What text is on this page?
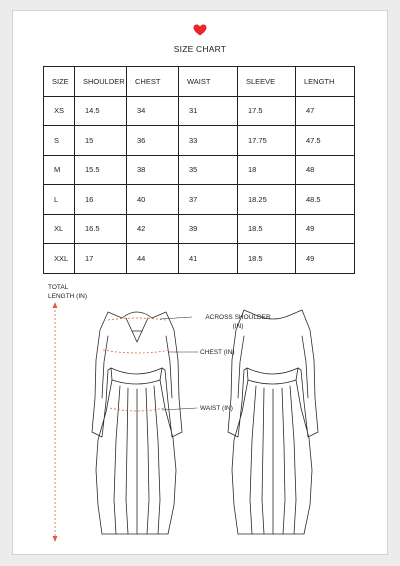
SIZE CHART
SIZE	SHOULDER	CHEST	WAIST	SLEEVE	LENGTH
XS	14.5	34	31	17.5	47
S	15	36	33	17.75	47.5
M	15.5	38	35	18	48
L	16	40	37	18.25	48.5
XL	16.5	42	39	18.5	49
XXL	17	44	41	18.5	49
TOTAL
LENGTH (IN)
ACROSS SHOULDER
(IN)
CHEST (IN)
WAIST (IN)
